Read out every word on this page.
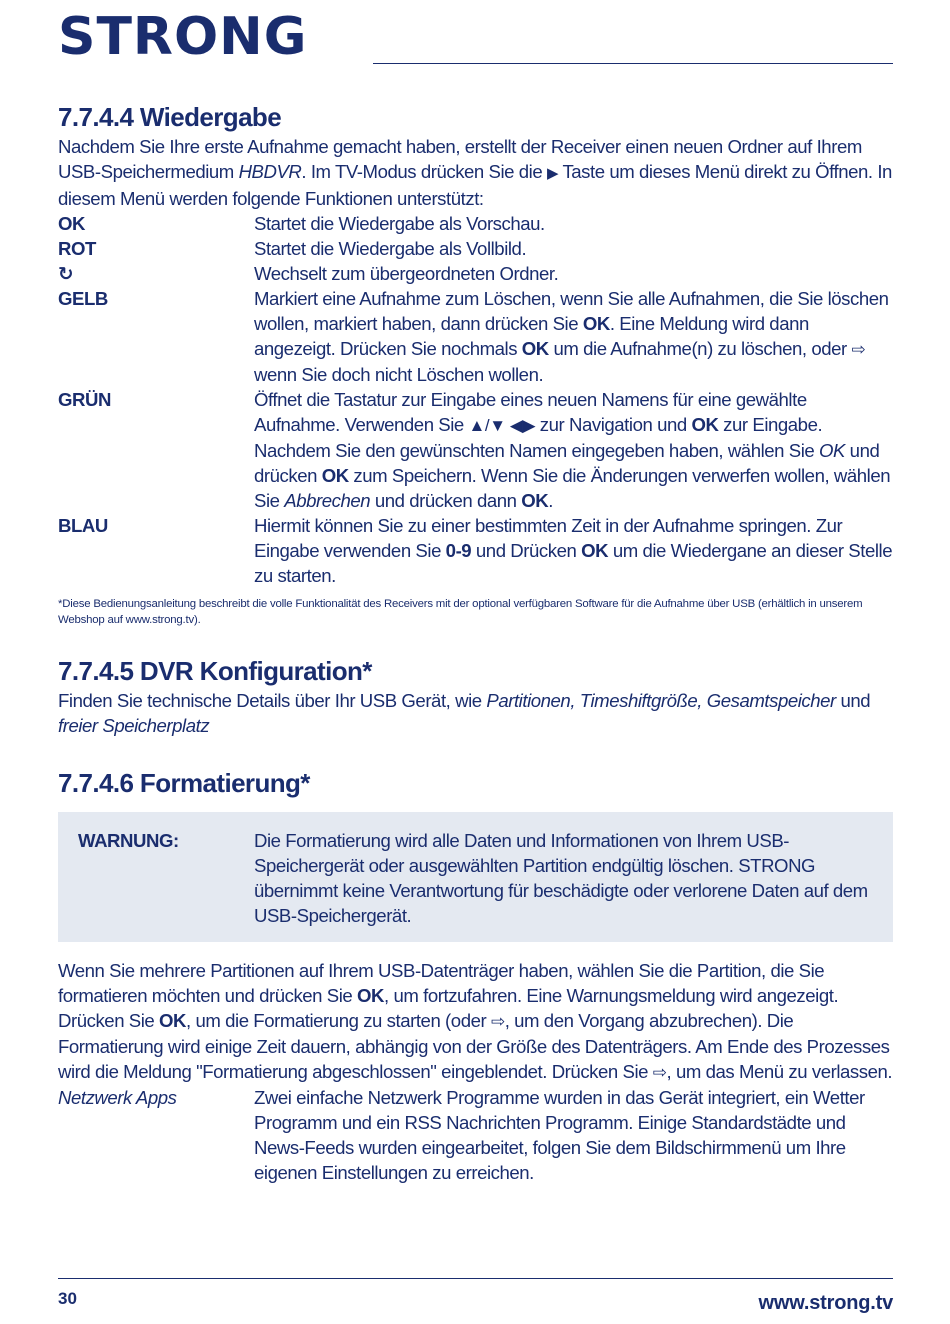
STRONG
7.7.4.4 Wiedergabe

Nachdem Sie Ihre erste Aufnahme gemacht haben, erstellt der Receiver einen neuen Ordner auf Ihrem USB-Speichermedium HBDVR. Im TV-Modus drücken Sie die ▶ Taste um dieses Menü direkt zu Öffnen. In diesem Menü werden folgende Funktionen unterstützt:

OK	Startet die Wiedergabe als Vorschau.
ROT	Startet die Wiedergabe als Vollbild.
↻	Wechselt zum übergeordneten Ordner.
GELB	Markiert eine Aufnahme zum Löschen, wenn Sie alle Aufnahmen, die Sie löschen wollen, markiert haben, dann drücken Sie OK. Eine Meldung wird dann angezeigt. Drücken Sie nochmals OK um die Aufnahme(n) zu löschen, oder ⇨ wenn Sie doch nicht Löschen wollen.
GRÜN	Öffnet die Tastatur zur Eingabe eines neuen Namens für eine gewählte Aufnahme. Verwenden Sie ▲/▼ ◀▶ zur Navigation und OK zur Eingabe. Nachdem Sie den gewünschten Namen eingegeben haben, wählen Sie OK und drücken OK zum Speichern. Wenn Sie die Änderungen verwerfen wollen, wählen Sie Abbrechen und drücken dann OK.
BLAU	Hiermit können Sie zu einer bestimmten Zeit in der Aufnahme springen. Zur Eingabe verwenden Sie 0-9 und Drücken OK um die Wiedergane an dieser Stelle zu starten.

*Diese Bedienungsanleitung beschreibt die volle Funktionalität des Receivers mit der optional verfügbaren Software für die Aufnahme über USB (erhältlich in unserem Webshop auf www.strong.tv).

7.7.4.5 DVR Konfiguration*

Finden Sie technische Details über Ihr USB Gerät, wie Partitionen, Timeshiftgröße, Gesamtspeicher und freier Speicherplatz

7.7.4.6 Formatierung*
WARNUNG:	Die Formatierung wird alle Daten und Informationen von Ihrem USB-Speichergerät oder ausgewählten Partition endgültig löschen. STRONG übernimmt keine Verantwortung für beschädigte oder verlorene Daten auf dem USB-Speichergerät.

Wenn Sie mehrere Partitionen auf Ihrem USB-Datenträger haben, wählen Sie die Partition, die Sie formatieren möchten und drücken Sie OK, um fortzufahren. Eine Warnungsmeldung wird angezeigt. Drücken Sie OK, um die Formatierung zu starten (oder ⇨, um den Vorgang abzubrechen). Die Formatierung wird einige Zeit dauern, abhängig von der Größe des Datenträgers. Am Ende des Prozesses wird die Meldung "Formatierung abgeschlossen" eingeblendet. Drücken Sie ⇨, um das Menü zu verlassen.

Netzwerk Apps	Zwei einfache Netzwerk Programme wurden in das Gerät integriert, ein Wetter Programm und ein RSS Nachrichten Programm. Einige Standardstädte und News-Feeds wurden eingearbeitet, folgen Sie dem Bildschirmmenü um Ihre eigenen Einstellungen zu erreichen.
30	www.strong.tv
